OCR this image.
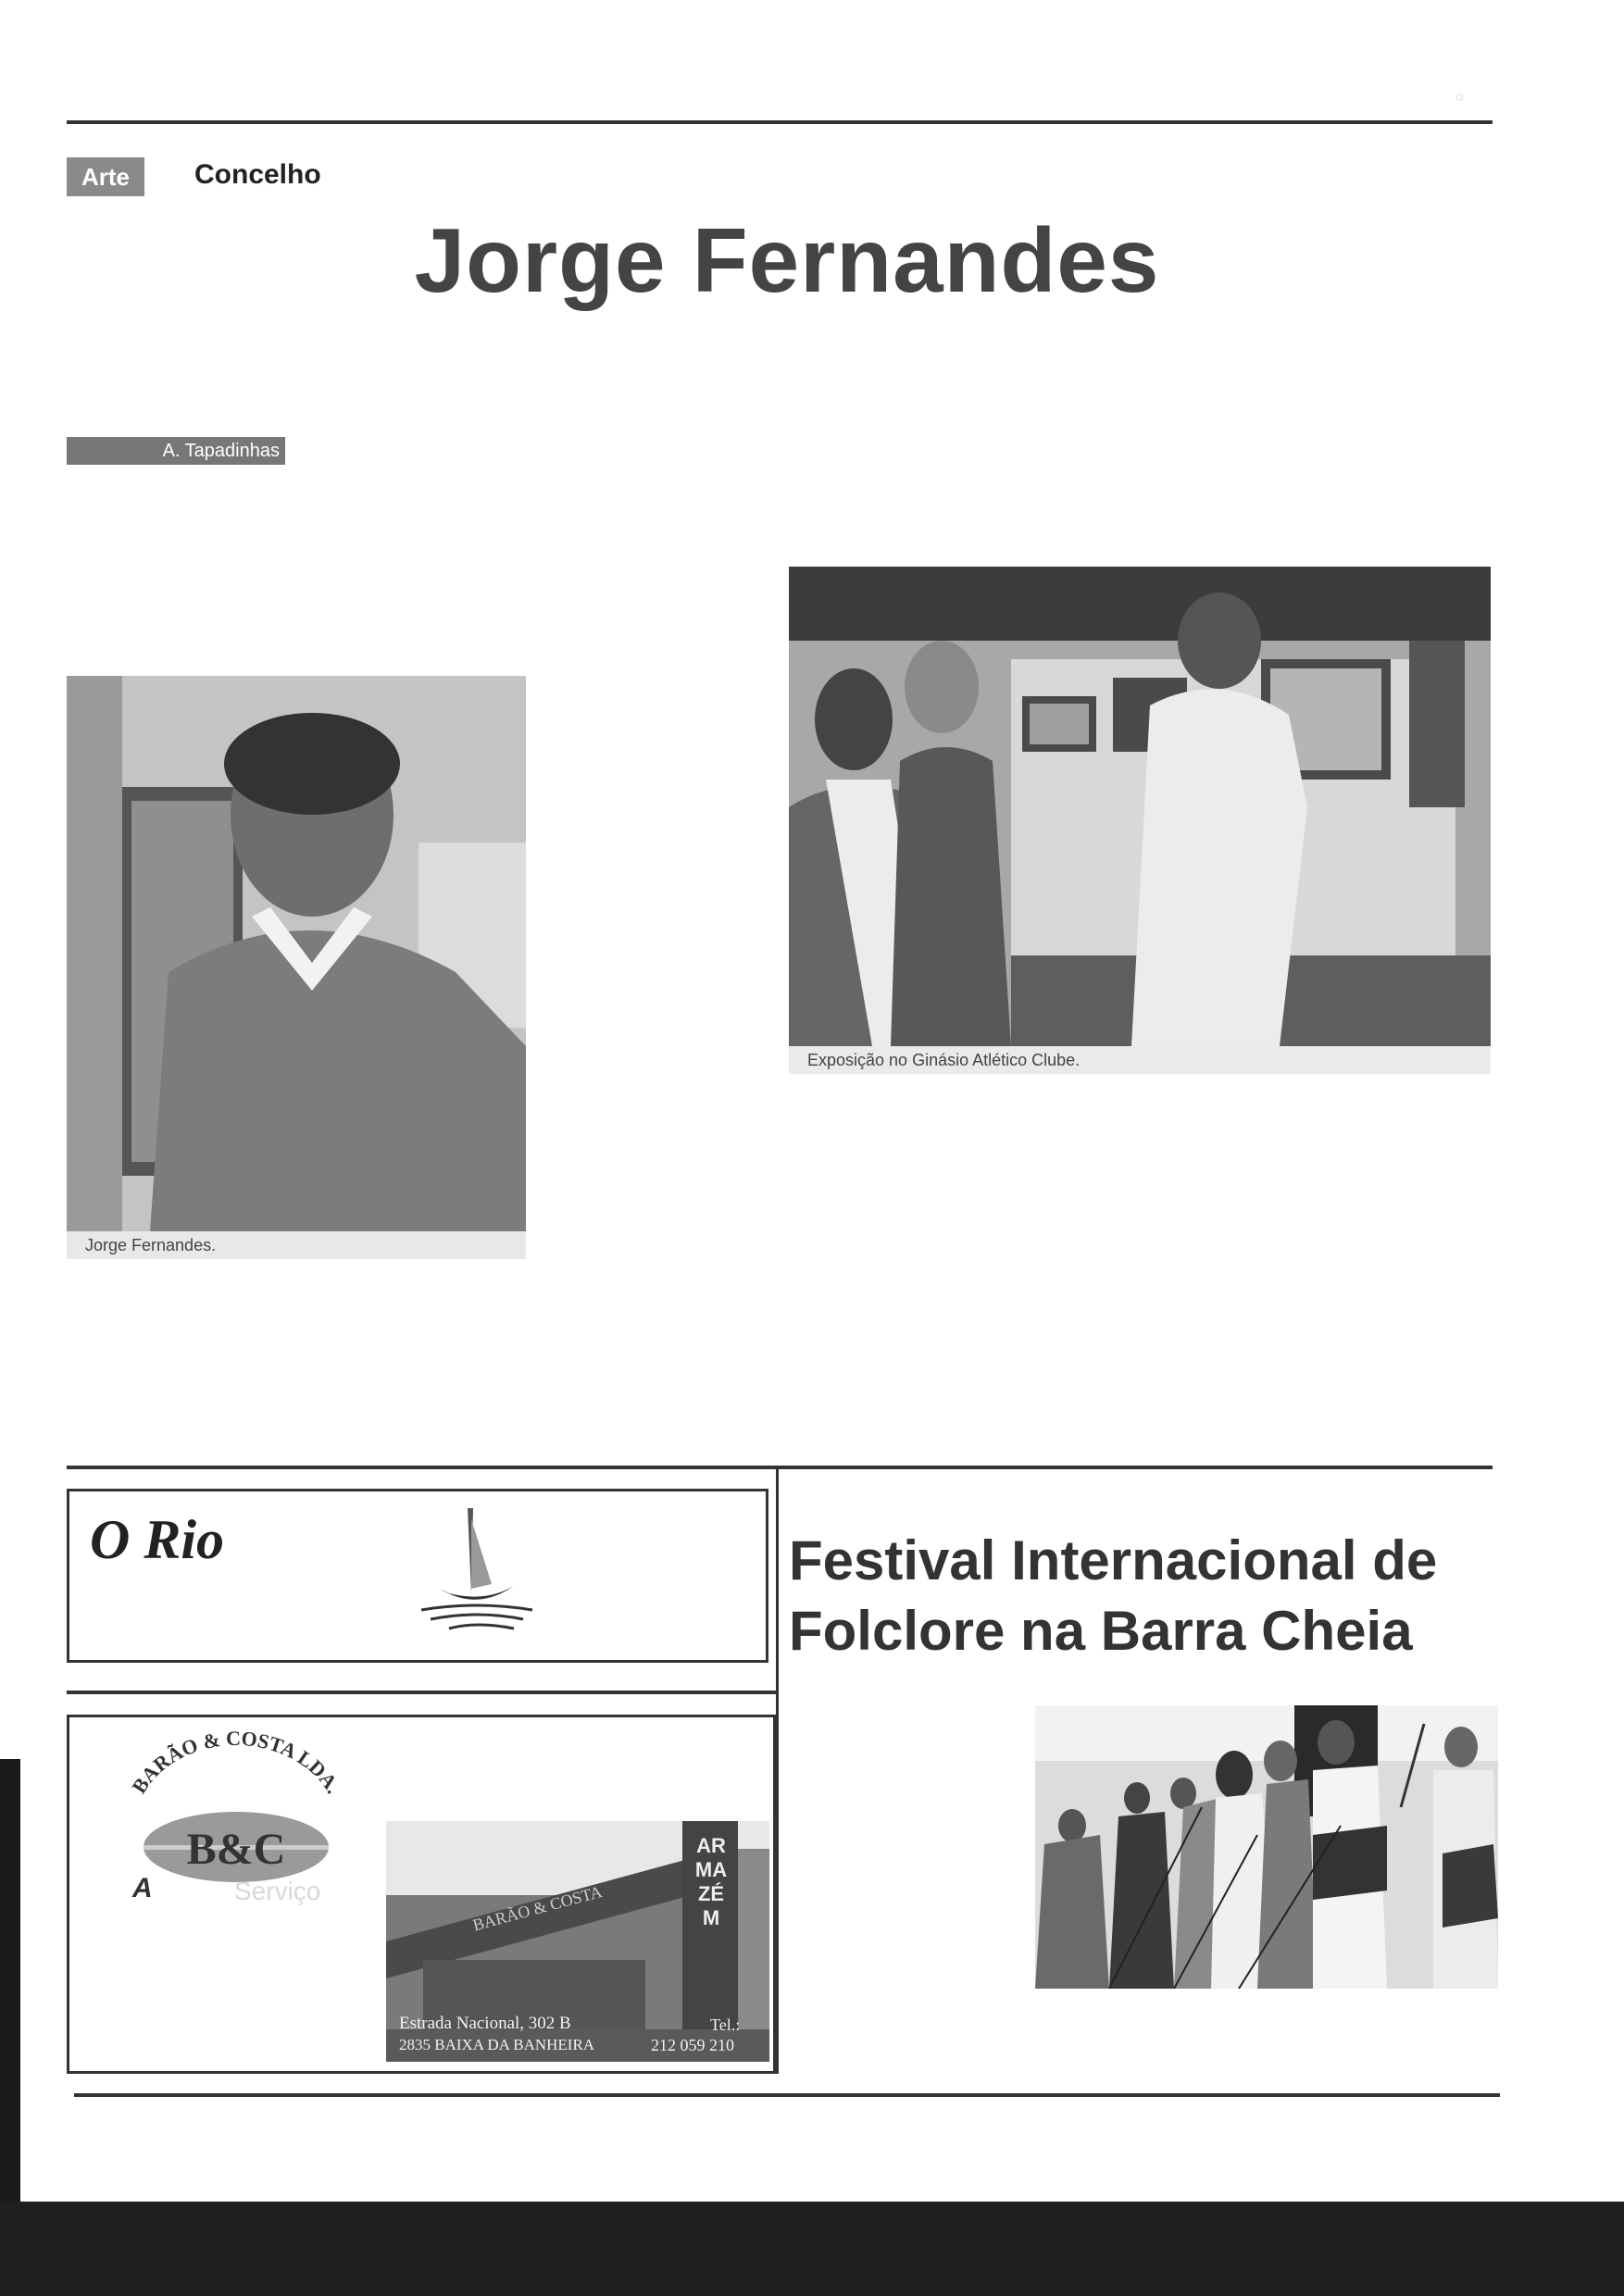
Arte	Concelho
Jorge Fernandes
A. Tapadinhas
Jorge Fernandes.
Exposição no Ginásio Atlético Clube.
◌
O Rio
BARÃO & COSTA LDA.
B&C
A	Serviço	BARÃO & COSTA
ARMAZÉM
Estrada Nacional, 302 B
2835 BAIXA DA BANHEIRA
Tel.:
212 059 210
Festival Internacional de
Folclore na Barra Cheia
